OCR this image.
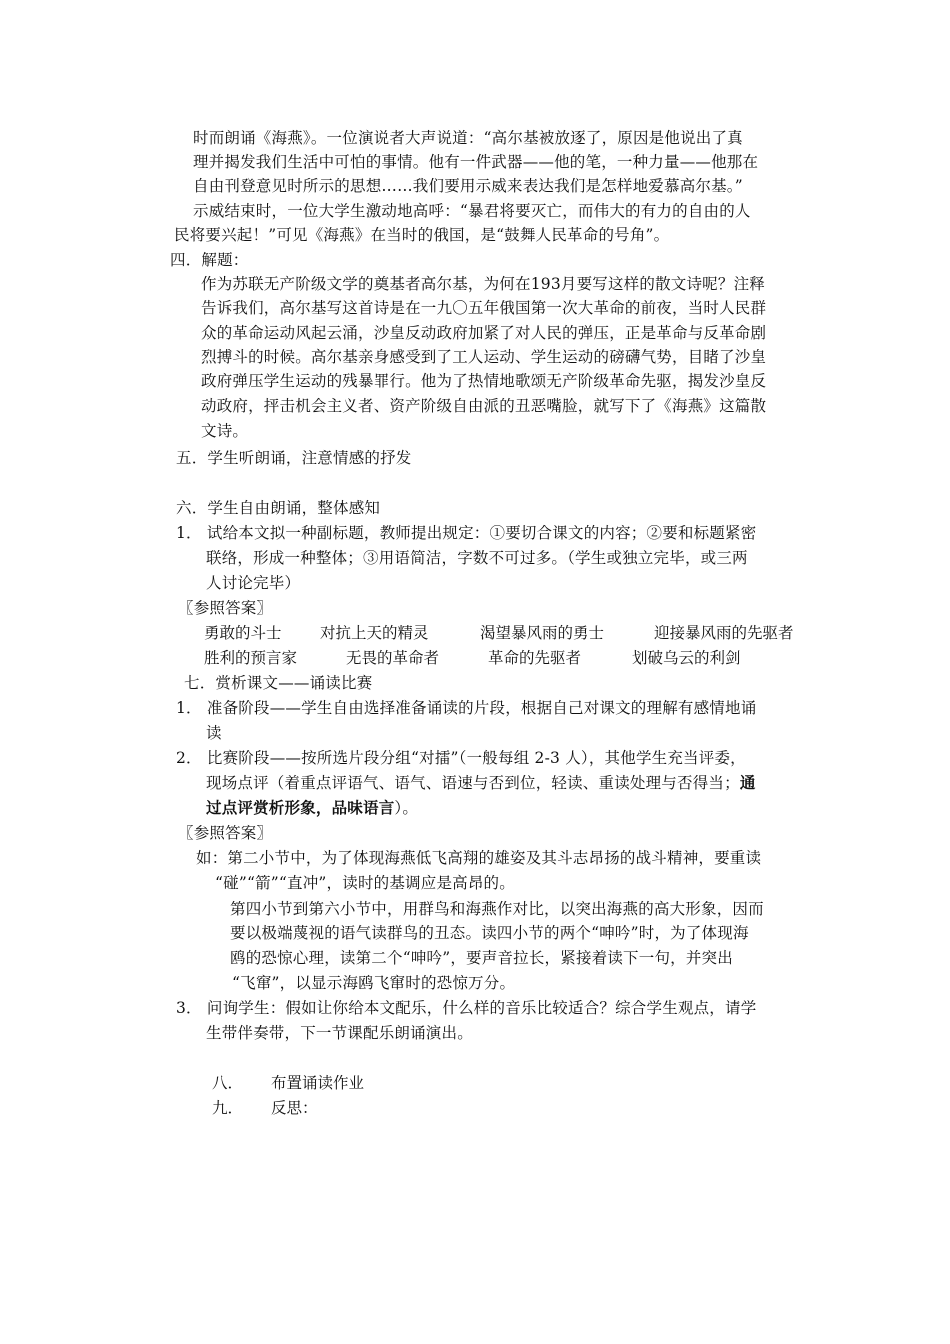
时而朗诵《海燕》。一位演说者大声说道：“高尔基被放逐了，原因是他说出了真
理并揭发我们生活中可怕的事情。他有一件武器——他的笔，一种力量——他那在
自由刊登意见时所示的思想……我们要用示威来表达我们是怎样地爱慕高尔基。”
示威结束时，一位大学生激动地高呼：“暴君将要灭亡，而伟大的有力的自由的人
民将要兴起！”可见《海燕》在当时的俄国，是“鼓舞人民革命的号角”。
四．解题：
作为苏联无产阶级文学的奠基者高尔基，为何在193月要写这样的散文诗呢？注释
告诉我们，高尔基写这首诗是在一九〇五年俄国第一次大革命的前夜，当时人民群
众的革命运动风起云涌，沙皇反动政府加紧了对人民的弹压，正是革命与反革命剧
烈搏斗的时候。高尔基亲身感受到了工人运动、学生运动的磅礴气势，目睹了沙皇
政府弹压学生运动的残暴罪行。他为了热情地歌颂无产阶级革命先驱，揭发沙皇反
动政府，抨击机会主义者、资产阶级自由派的丑恶嘴脸，就写下了《海燕》这篇散
文诗。
五．学生听朗诵，注意情感的抒发
六．学生自由朗诵，整体感知
1． 试给本文拟一种副标题，教师提出规定：①要切合课文的内容；②要和标题紧密
联络，形成一种整体；③用语简洁，字数不可过多。（学生或独立完毕，或三两
人讨论完毕）
〖参照答案〗
勇敢的斗士 对抗上天的精灵	渴望暴风雨的勇士	迎接暴风雨的先驱者
胜利的预言家	无畏的革命者	革命的先驱者	划破乌云的利剑
七．赏析课文——诵读比赛
1． 准备阶段——学生自由选择准备诵读的片段，根据自己对课文的理解有感情地诵
读
2． 比赛阶段——按所选片段分组“对擂”（一般每组 2-3 人），其他学生充当评委，
现场点评（着重点评语气、语气、语速与否到位，轻读、重读处理与否得当；通
过点评赏析形象，品味语言）。
〖参照答案〗
如：第二小节中，为了体现海燕低飞高翔的雄姿及其斗志昂扬的战斗精神，要重读
“碰”“箭”“直冲”，读时的基调应是高昂的。
第四小节到第六小节中，用群鸟和海燕作对比，以突出海燕的高大形象，因而
要以极端蔑视的语气读群鸟的丑态。读四小节的两个“呻吟”时，为了体现海
鸥的恐惊心理，读第二个“呻吟”，要声音拉长，紧接着读下一句，并突出
“飞窜”，以显示海鸥飞窜时的恐惊万分。
3． 问询学生：假如让你给本文配乐，什么样的音乐比较适合？综合学生观点，请学
生带伴奏带，下一节课配乐朗诵演出。
八． 布置诵读作业
九． 反思：
